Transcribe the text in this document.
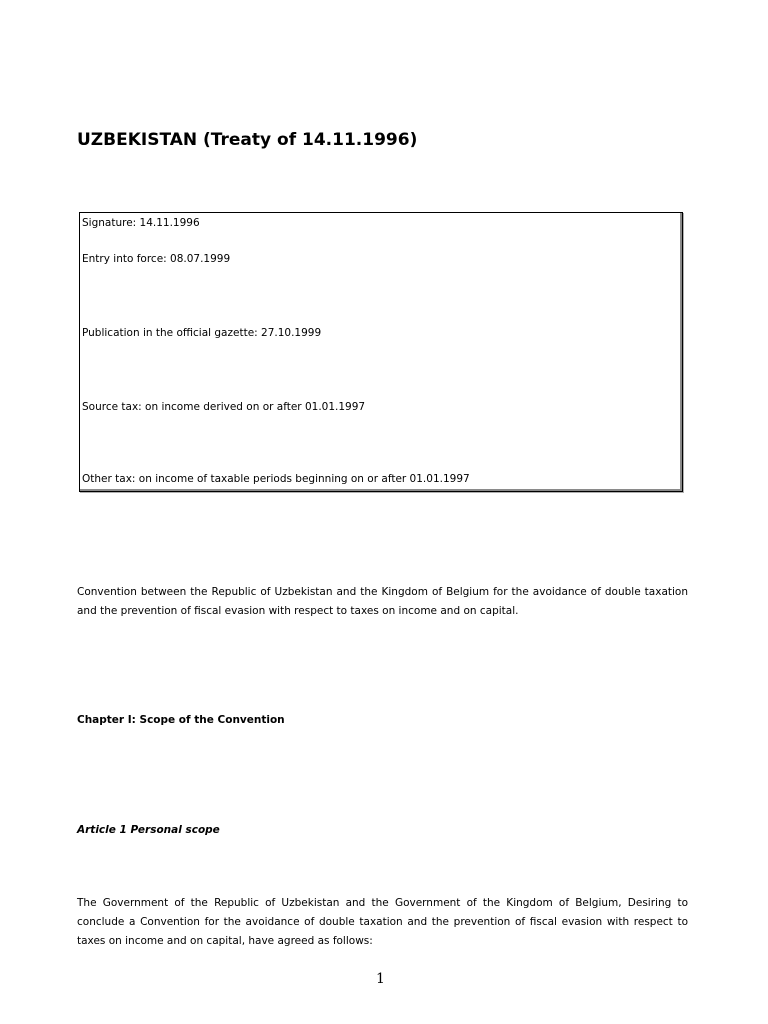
UZBEKISTAN (Treaty of 14.11.1996)

Signature: 14.11.1996

Entry into force: 08.07.1999

Publication in the official gazette: 27.10.1999

Source tax: on income derived on or after 01.01.1997

Other tax: on income of taxable periods beginning on or after 01.01.1997

Convention between the Republic of Uzbekistan and the Kingdom of Belgium for the avoidance of double taxation and the prevention of fiscal evasion with respect to taxes on income and on capital.

Chapter I: Scope of the Convention

Article 1 Personal scope

The Government of the Republic of Uzbekistan and the Government of the Kingdom of Belgium, Desiring to conclude a Convention for the avoidance of double taxation and the prevention of fiscal evasion with respect to taxes on income and on capital, have agreed as follows:

1
